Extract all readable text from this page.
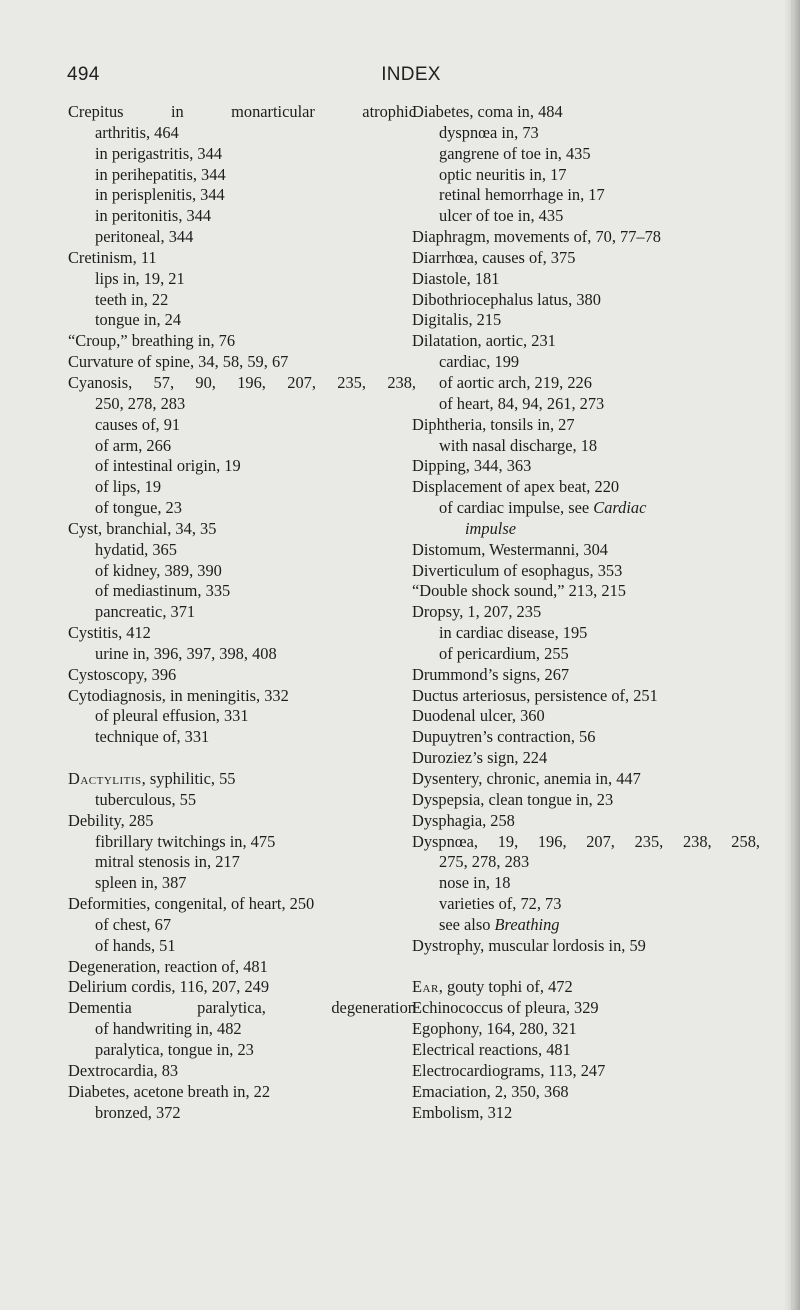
494	INDEX

Crepitus in monarticular atrophic

arthritis, 464

in perigastritis, 344

in perihepatitis, 344

in perisplenitis, 344

in peritonitis, 344

peritoneal, 344

Cretinism, 11

lips in, 19, 21

teeth in, 22

tongue in, 24

“Croup,” breathing in, 76

Curvature of spine, 34, 58, 59, 67

Cyanosis, 57, 90, 196, 207, 235, 238,

250, 278, 283

causes of, 91

of arm, 266

of intestinal origin, 19

of lips, 19

of tongue, 23

Cyst, branchial, 34, 35

hydatid, 365

of kidney, 389, 390

of mediastinum, 335

pancreatic, 371

Cystitis, 412

urine in, 396, 397, 398, 408

Cystoscopy, 396

Cytodiagnosis, in meningitis, 332

of pleural effusion, 331

technique of, 331

Dactylitis, syphilitic, 55

tuberculous, 55

Debility, 285

fibrillary twitchings in, 475

mitral stenosis in, 217

spleen in, 387

Deformities, congenital, of heart, 250

of chest, 67

of hands, 51

Degeneration, reaction of, 481

Delirium cordis, 116, 207, 249

Dementia paralytica, degeneration

of handwriting in, 482

paralytica, tongue in, 23

Dextrocardia, 83

Diabetes, acetone breath in, 22

bronzed, 372

Diabetes, coma in, 484

dyspnœa in, 73

gangrene of toe in, 435

optic neuritis in, 17

retinal hemorrhage in, 17

ulcer of toe in, 435

Diaphragm, movements of, 70, 77–78

Diarrhœa, causes of, 375

Diastole, 181

Dibothriocephalus latus, 380

Digitalis, 215

Dilatation, aortic, 231

cardiac, 199

of aortic arch, 219, 226

of heart, 84, 94, 261, 273

Diphtheria, tonsils in, 27

with nasal discharge, 18

Dipping, 344, 363

Displacement of apex beat, 220

of cardiac impulse, see Cardiac

impulse

Distomum, Westermanni, 304

Diverticulum of esophagus, 353

“Double shock sound,” 213, 215

Dropsy, 1, 207, 235

in cardiac disease, 195

of pericardium, 255

Drummond’s signs, 267

Ductus arteriosus, persistence of, 251

Duodenal ulcer, 360

Dupuytren’s contraction, 56

Duroziez’s sign, 224

Dysentery, chronic, anemia in, 447

Dyspepsia, clean tongue in, 23

Dysphagia, 258

Dyspnœa, 19, 196, 207, 235, 238, 258,

275, 278, 283

nose in, 18

varieties of, 72, 73

see also Breathing

Dystrophy, muscular lordosis in, 59

Ear, gouty tophi of, 472

Echinococcus of pleura, 329

Egophony, 164, 280, 321

Electrical reactions, 481

Electrocardiograms, 113, 247

Emaciation, 2, 350, 368

Embolism, 312
